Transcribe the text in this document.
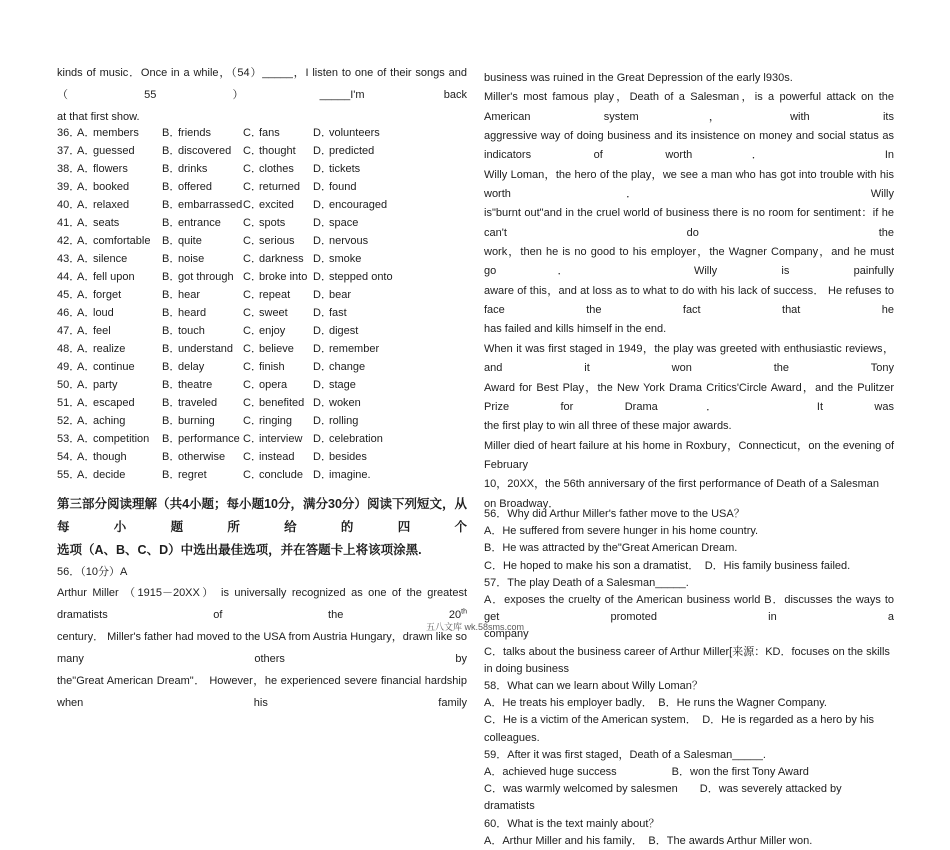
kinds of music．Once in a while，（54）_____，I listen to one of their songs and （55）_____I'm back
at that first show.
36．
A．members	B．friends	C．fans	D．volunteers
37．
A．guessed	B．discovered	C．thought	D．predicted
38．
A．flowers	B．drinks	C．clothes	D．tickets
39．
A．booked	B．offered	C．returned	D．found
40．
A．relaxed	B．embarrassed C．excited	D．encouraged
41．
A．seats	B．entrance	C．spots	D．space
42．
A．comfortable	B．quite	C．serious	D．nervous
43．
A．silence	B．noise	C．darkness D．smoke
44．
A．fell upon	B．got through C．broke into D．stepped onto
45．
A．forget	B．hear	C．repeat	D．bear
46．
A．loud	B．heard	C．sweet	D．fast
47．
A．feel	B．touch	C．enjoy	D．digest
48．
A．realize	B．understand C．believe	D．remember
49．
A．continue	B．delay	C．finish	D．change
50．
A．party	B．theatre	C．opera	D．stage
51．
A．escaped	B．traveled	C．benefited D．woken
52．
A．aching	B．burning	C．ringing	D．rolling
53．
A．competition	B．performance C．interview D．celebration
54．
A．though	B．otherwise	C．instead	D．besides
55．
A．decide	B．regret	C．conclude D．imagine.
第三部分阅读理解（共4小题；每小题10分，满分30分）阅读下列短文，从每小题所给的四个
选项（A、B、C、D）中选出最佳选项，并在答题卡上将该项涂黑.
56．（10分）A
Arthur Miller （1915－20XX） is universally recognized as one of the greatest dramatists of the 20th
century． Miller's father had moved to the USA from Austria Hungary，drawn like so many others by
the"Great American Dream"． However，he experienced severe financial hardship when his family
business was ruined in the Great Depression of the early l930s.
Miller's most famous play，Death of a Salesman，is a powerful attack on the American system，with its
aggressive way of doing business and its insistence on money and social status as indicators of worth． In
Willy Loman，the hero of the play，we see a man who has got into trouble with his worth． Willy
is"burnt out"and in the cruel world of business there is no room for sentiment：if he can't do the
work，then he is no good to his employer，the Wagner Company，and he must go． Willy is painfully
aware of this，and at loss as to what to do with his lack of success． He refuses to face the fact that he
has failed and kills himself in the end.
When it was first staged in 1949，the play was greeted with enthusiastic reviews，and it won the Tony
Award for Best Play，the New York Drama Critics'Circle Award，and the Pulitzer Prize for Drama． It was
the first play to win all three of these major awards.
Miller died of heart failure at his home in Roxbury，Connecticut，on the evening of February
10，20XX，the 56th anniversary of the first performance of Death of a Salesman on Broadway．
56．Why did Arthur Miller's father move to the USA？
A．He suffered from severe hunger in his home country.
B．He was attracted by the"Great American Dream.
C．He hoped to make his son a dramatist．　D．His family business failed.
57．The play Death of a Salesman_____.
A．exposes the cruelty of the American business world B．discusses the ways to get promoted in a
company
C．talks about the business career of Arthur Miller[来源：KD．focuses on the skills in doing business
58．What can we learn about Willy Loman？
A．He treats his employer badly．　B．He runs the Wagner Company.
C．He is a victim of the American system．　D．He is regarded as a hero by his colleagues.
59．After it was first staged，Death of a Salesman_____.
A．achieved huge success　　　　　B．won the first Tony Award
C．was warmly welcomed by salesmen　　D．was severely attacked by dramatists
60．What is the text mainly about？
A．Arthur Miller and his family．　B．The awards Arthur Miller won.
五八文库 wk.58sms.com
